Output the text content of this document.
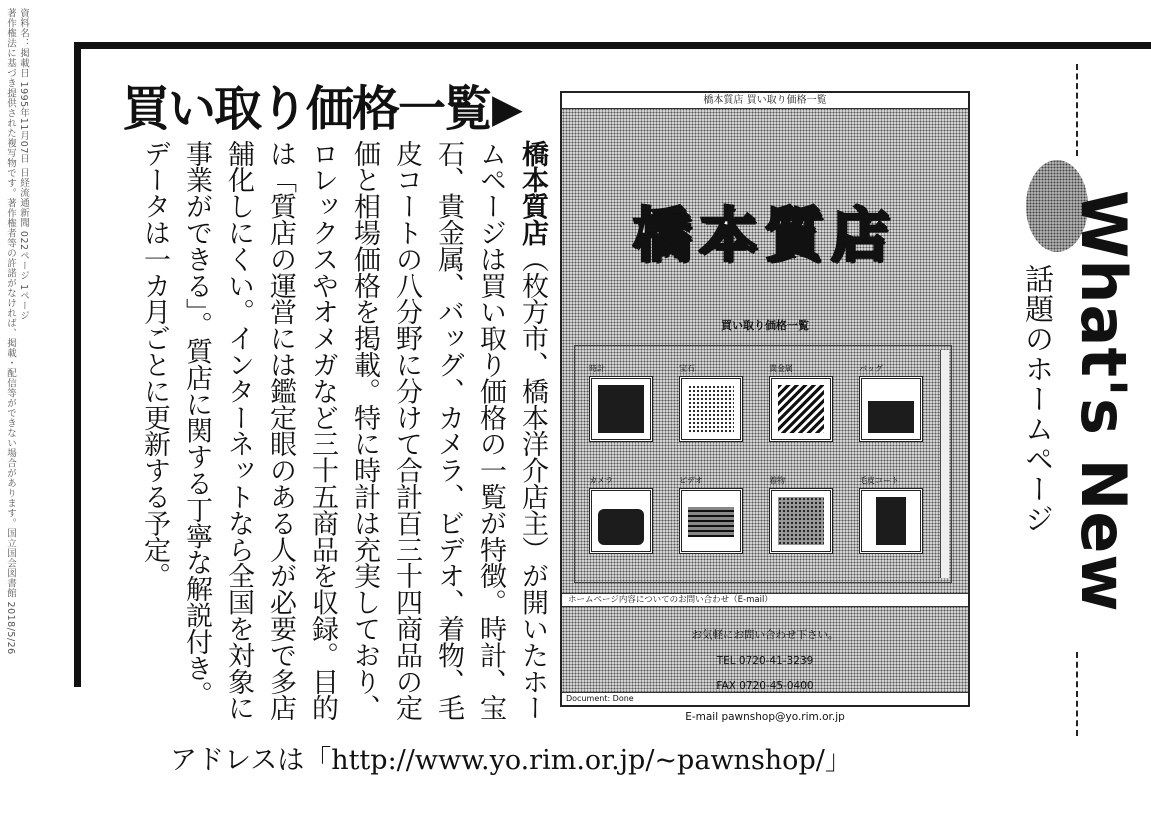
資料名：掲載日 1995年11月07日 日経流通新聞 022ページ 1ページ
著作権法に基づき提供された複写物です。著作権者等の許諾がなければ、掲載・配信等ができない場合があります。国立国会図書館 2018/5/26 買い取り価格一覧▶
橋本質店（枚方市、橋本洋介店主）が開いたホームページは買い取り価格の一覧が特徴。時計、宝石、貴金属、バッグ、カメラ、ビデオ、着物、毛皮コートの八分野に分けて合計百三十四商品の定価と相場価格を掲載。特に時計は充実しており、ロレックスやオメガなど三十五商品を収録。目的は「質店の運営には鑑定眼のある人が必要で多店舗化しにくい。インターネットなら全国を対象に事業ができる」。質店に関する丁寧な解説付き。データは一カ月ごとに更新する予定。
橋本質店 買い取り価格一覧
橋本質店
買い取り価格一覧
時計	宝石	貴金属	バッグ
カメラ	ビデオ	着物	毛皮コート
ホームページ内容についてのお問い合わせ（E-mail）
お気軽にお問い合わせ下さい。
TEL 0720-41-3239
FAX 0720-45-0400
E-mail pawnshop@yo.rim.or.jp
Document: Done
What's New
話題のホームページ
アドレスは「http://www.yo.rim.or.jp/~pawnshop/」
